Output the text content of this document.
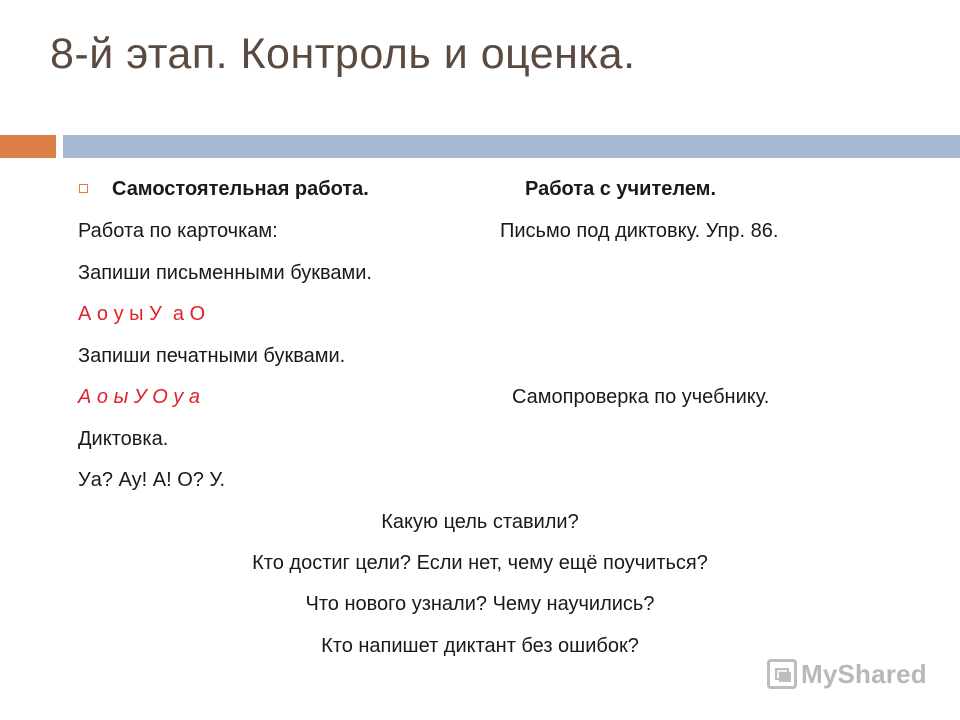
8-й этап. Контроль и оценка.
Самостоятельная работа.	Работа с учителем.
Работа по карточкам:	Письмо под диктовку. Упр. 86.
Запиши письменными буквами.
А о у ы У  а О
Запиши печатными буквами.
А о ы У О у а	Самопроверка по учебнику.
Диктовка.
Уа? Ау! А! О? У.
Какую цель ставили?
Кто достиг цели? Если нет, чему ещё поучиться?
Что нового узнали? Чему научились?
Кто напишет диктант без ошибок?
MyShared
